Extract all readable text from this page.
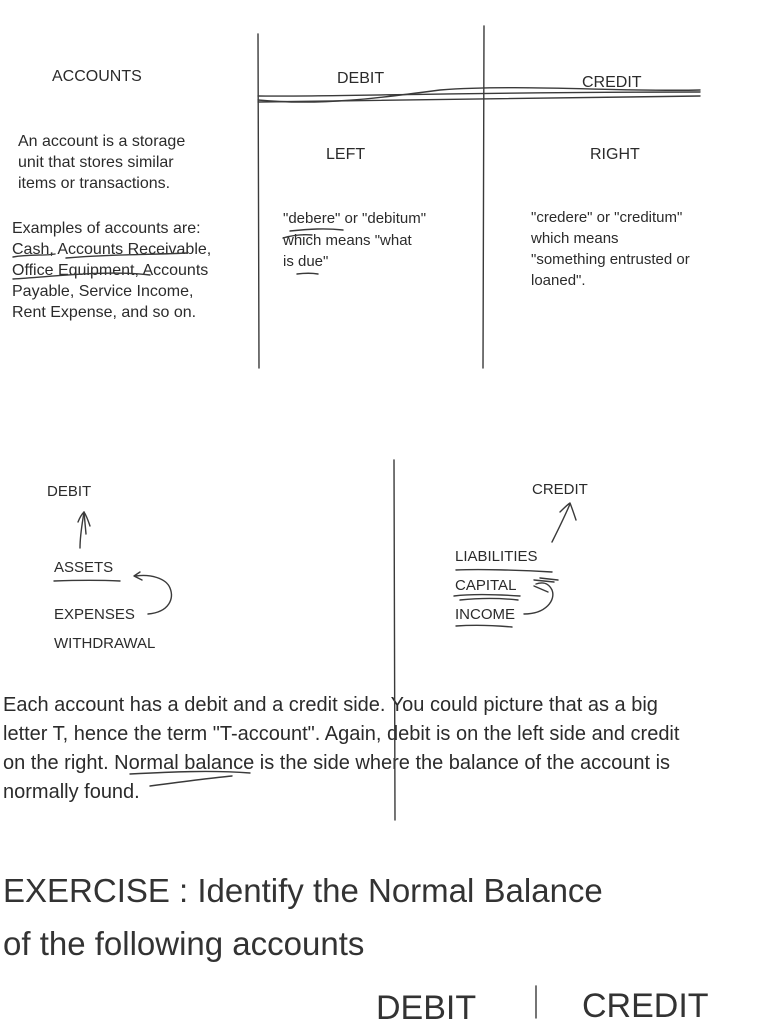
ACCOUNTS	DEBIT	CREDIT
An account is a storage
unit that stores similar
items or transactions.
LEFT	RIGHT
Examples of accounts are:
Cash, Accounts Receivable,
Office Equipment, Accounts
Payable, Service Income,
Rent Expense, and so on.
"debere" or "debitum"
which means "what
is due"
"credere" or "creditum"
which means
"something entrusted or
loaned".
DEBIT	CREDIT
ASSETS
EXPENSES
WITHDRAWAL
LIABILITIES
CAPITAL
INCOME
Each account has a debit and a credit side. You could picture that as a big
letter T, hence the term "T-account". Again, debit is on the left side and credit
on the right. Normal balance is the side where the balance of the account is
normally found.
EXERCISE : Identify the Normal Balance
of the following accounts
DEBIT	CREDIT
